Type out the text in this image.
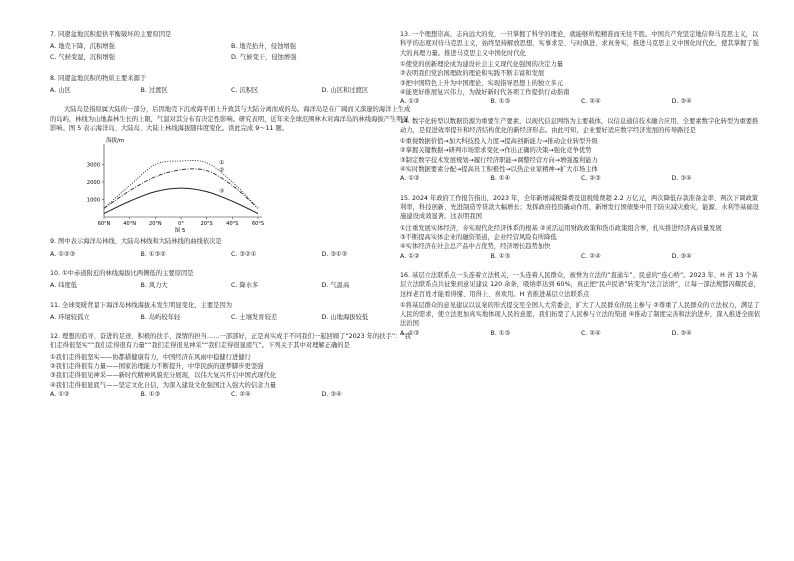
7. 同遼盆地沉积提供平衡破坏的主要原因是

A. 地壳下降，沉积增强	B. 地壳抬升，侵蚀增强
C. 气候变湿，沉积增强	D. 气候变干，侵蚀增强

8. 同遼盆地沉积的物质主要来源于

A. 山区	B. 过渡区	C. 沉积区	D. 山区和过渡区

大陆岛是指原属大陆的一部分，后因地壳下沉或海平面上升致其与大陆分离而成的岛。海洋岛是在广阔而又深邃的海洋上生成的岛屿，林线为山地森林生长的上限，气温对其分布有决定性影响。研究表明，近年来全球范围林木对海洋岛的林线海拔产生明显影响。图 5 表示海洋岛、大陆岛、大陆上林线海拔随纬度变化。读此完成 9～11 题。

海拔/m
3000
2000
1000
60°N	40°N	20°N	0°	20°S	40°S	60°S
①
②
③
图 5

9. 图中表示海洋岛林线、大陆岛林线和大陆林线的曲线依次是

A. ①②③	B. ①③②	C. ③②①	D. ③①②

10. ①中赤道附近的林线海拔比两侧低的主要原因是

A. 纬度低	B. 风力大	C. 降水多	D. 气温高

11. 全球变暖背景下海洋岛林线海拔未发生明显变化，主要是因为

A. 环境较孤立	B. 岛屿较年轻	C. 土壤发育较差	D. 山地海拔较低

12. 理想的追寻、奋进的足迹、积极的扶手、深情的担当……一部部好，正是真实成手不同我们一起回顾了“2023 年的扶手”：“我们走得很坚实”“我们走得很有力量”“我们走得很见神采”“我们走得很显底气”。下列关于其中对理解正确的是

①我们走得很坚实——协都措健康有力，中国经济在风雨中稳健行进健行

②我们走得很有力量——国家治理能力不断提升，中华民族的逐梦脚步更坚强

③我们走得很见神采——新时代精神风貌充分展现，以伟大复兴开启中国式现代化

④我们走得很显底气——坚定文化自信，为深入建设文化强国注入强大的信念力量

A. ①②	B. ①③	C. ②④	D. ③④

13. 一个理想崇高、志向远大的党，一旦掌握了科学的理论，就能够所程精准而无往不胜。中国共产党坚定地信仰马克思主义，以科学的态度对待马克思主义，始终坚持解放思想、实事求是、与时俱进、求真务实，推进马克思主义中国化时代化，使其掌握了强大的真理力量。推进马克思主义中国化时代化

①使党的创新理论成为建设社会主义现代化强国的决定力量

②表明我们党治国理政的理论和实践不断丰富和发展

③把中国特色上升为中国理论，实现指导思想上的独立多元

④能更好推展复兴伟力，为做好新时代各项工作提供行动指南

A. ①②	B. ①③	C. ②④	D. ③④

14. 数字化转型以数据资源为重要生产要素，以现代信息网络为主要载体，以信息通信技术融合应用、全要素数字化转型为重要推动力，是促进效率提升和经济结构优化的新经济形态。由此可知，企业要好适应数字经济发展的传导路径是

①重视数据价值→加大科技投入力度→提高创新能力→推动企业转型升级

②掌握关键数据→研判市场需求变化→作出正确的决策→强化竞争优势

③制定数字技术发展规划→履行经济职能→调整经营方向→增强盈利能力

④实时数据要素分配→提高员工积极性→以热企业家精神→扩大市场主体

A. ①②	B. ①④	C. ②③	D. ③④

15. 2024 年政府工作报告指出，2023 年，全年新增减税降费及退税缓费超 2.2 万亿元，两次降低存款准备金率、两次下调政策利率，科技创新、先进制造等贷款大幅增长；发挥政府投资撬动作用，新增发行国债集中用于防灾减灾救灾，能源、水利等基础设施建设成效显著。这表明我国

①注重发展实体经济，夯实现代化经济体系的根基 ②灵活运用财政政策和货币政策组合拳，扎实推进经济高质量发展

③不断提高实体企业的融资渠道，企业经营风险有所降低

④实体经济在社会总产品中占优势，经济增长趋势加快

A. ①②	B. ①③	C. ②④	D. ③④

16. 基层立法联系点一头连着立法机关，一头连着人民群众，被誉为立法的“直通车”、民意的“连心桥”。2023 年，H 省 13 个基层立法联系点共征集到意见建议 120 余条，吸纳率达到 60%，真正把“民声民语”转变为“法言法语”，让每一部法规都闪耀民意，这样老百姓才能看得懂、用得上、喜欢用。H 省推进基层立法联系点

①将基层群众的意见建议以议案的形式提交至全国人大常委会，扩大了人民群众的民主参与 ②尊重了人民群众的立法权力，满足了人民的需求，使立法更加真实地体现人民的意愿，我们拓宽了人民参与立法的渠道 ④推动了制度完善和法治进步，深入推进全面依法治国

A. ①②	B. ①③	C. ②④	D. ③④
